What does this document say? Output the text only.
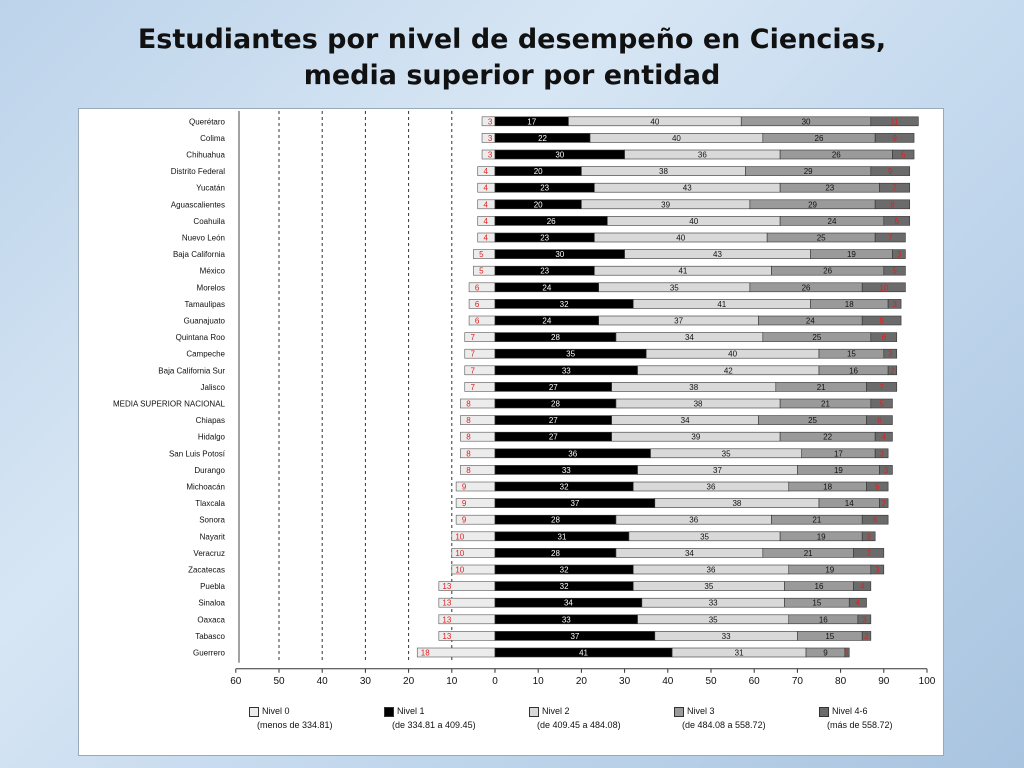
Estudiantes por nivel de desempeño en Ciencias,
media superior por entidad
60	50	40	30	20	10	0	10	20	30	40	50	60	70	80	90	100
Querétaro	3	17	40	30	11
Colima	3	22	40	26	9
Chihuahua	3	30	36	26	5
Distrito Federal	4	20	38	29	9
Yucatán	4	23	43	23	7
Aguascalientes	4	20	39	29	8
Coahuila	4	26	40	24	6
Nuevo León	4	23	40	25	7
Baja California	5	30	43	19	3
México	5	23	41	26	5
Morelos	6	24	35	26	10
Tamaulipas	6	32	41	18	3
Guanajuato	6	24	37	24	9
Quintana Roo	7	28	34	25	6
Campeche	7	35	40	15	3
Baja California Sur	7	33	42	16	2
Jalisco	7	27	38	21	7
MEDIA SUPERIOR NACIONAL	8	28	38	21	5
Chiapas	8	27	34	25	6
Hidalgo	8	27	39	22	4
San Luis Potosí	8	36	35	17	3
Durango	8	33	37	19	3
Michoacán	9	32	36	18	5
Tlaxcala	9	37	38	14	2
Sonora	9	28	36	21	6
Nayarit	10	31	35	19	3
Veracruz	10	28	34	21	7
Zacatecas	10	32	36	19	3
Puebla	13	32	35	16	4
Sinaloa	13	34	33	15	4
Oaxaca	13	33	35	16	3
Tabasco	13	37	33	15	2
Guerrero	18	41	31	9 1
Nivel 0
(menos de 334.81)
Nivel 1
(de 334.81 a 409.45)
Nivel 2
(de 409.45 a 484.08)
Nivel 3
(de 484.08 a 558.72)
Nivel 4-6
(más de 558.72)
